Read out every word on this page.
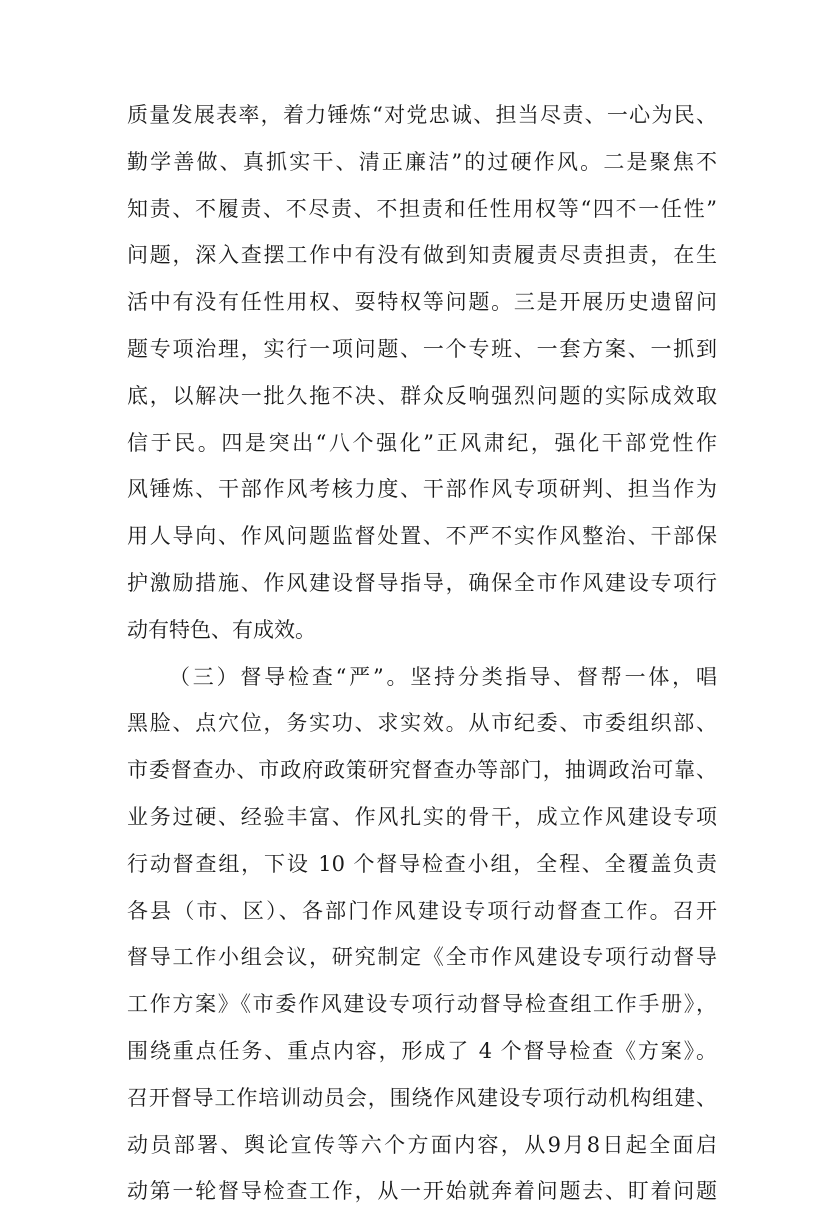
质量发展表率，着力锤炼“对党忠诚、担当尽责、一心为民、
勤学善做、真抓实干、清正廉洁”的过硬作风。二是聚焦不
知责、不履责、不尽责、不担责和任性用权等“四不一任性”
问题，深入查摆工作中有没有做到知责履责尽责担责，在生
活中有没有任性用权、耍特权等问题。三是开展历史遗留问
题专项治理，实行一项问题、一个专班、一套方案、一抓到
底，以解决一批久拖不决、群众反响强烈问题的实际成效取
信于民。四是突出“八个强化”正风肃纪，强化干部党性作
风锤炼、干部作风考核力度、干部作风专项研判、担当作为
用人导向、作风问题监督处置、不严不实作风整治、干部保
护激励措施、作风建设督导指导，确保全市作风建设专项行
动有特色、有成效。
（三）督导检查“严”。坚持分类指导、督帮一体，唱
黑脸、点穴位，务实功、求实效。从市纪委、市委组织部、
市委督查办、市政府政策研究督查办等部门，抽调政治可靠、
业务过硬、经验丰富、作风扎实的骨干，成立作风建设专项
行动督查组，下设 10 个督导检查小组，全程、全覆盖负责
各县（市、区）、各部门作风建设专项行动督查工作。召开
督导工作小组会议，研究制定《全市作风建设专项行动督导
工作方案》《市委作风建设专项行动督导检查组工作手册》，
围绕重点任务、重点内容，形成了 4 个督导检查《方案》。
召开督导工作培训动员会，围绕作风建设专项行动机构组建、
动员部署、舆论宣传等六个方面内容，从9月8日起全面启
动第一轮督导检查工作，从一开始就奔着问题去、盯着问题
